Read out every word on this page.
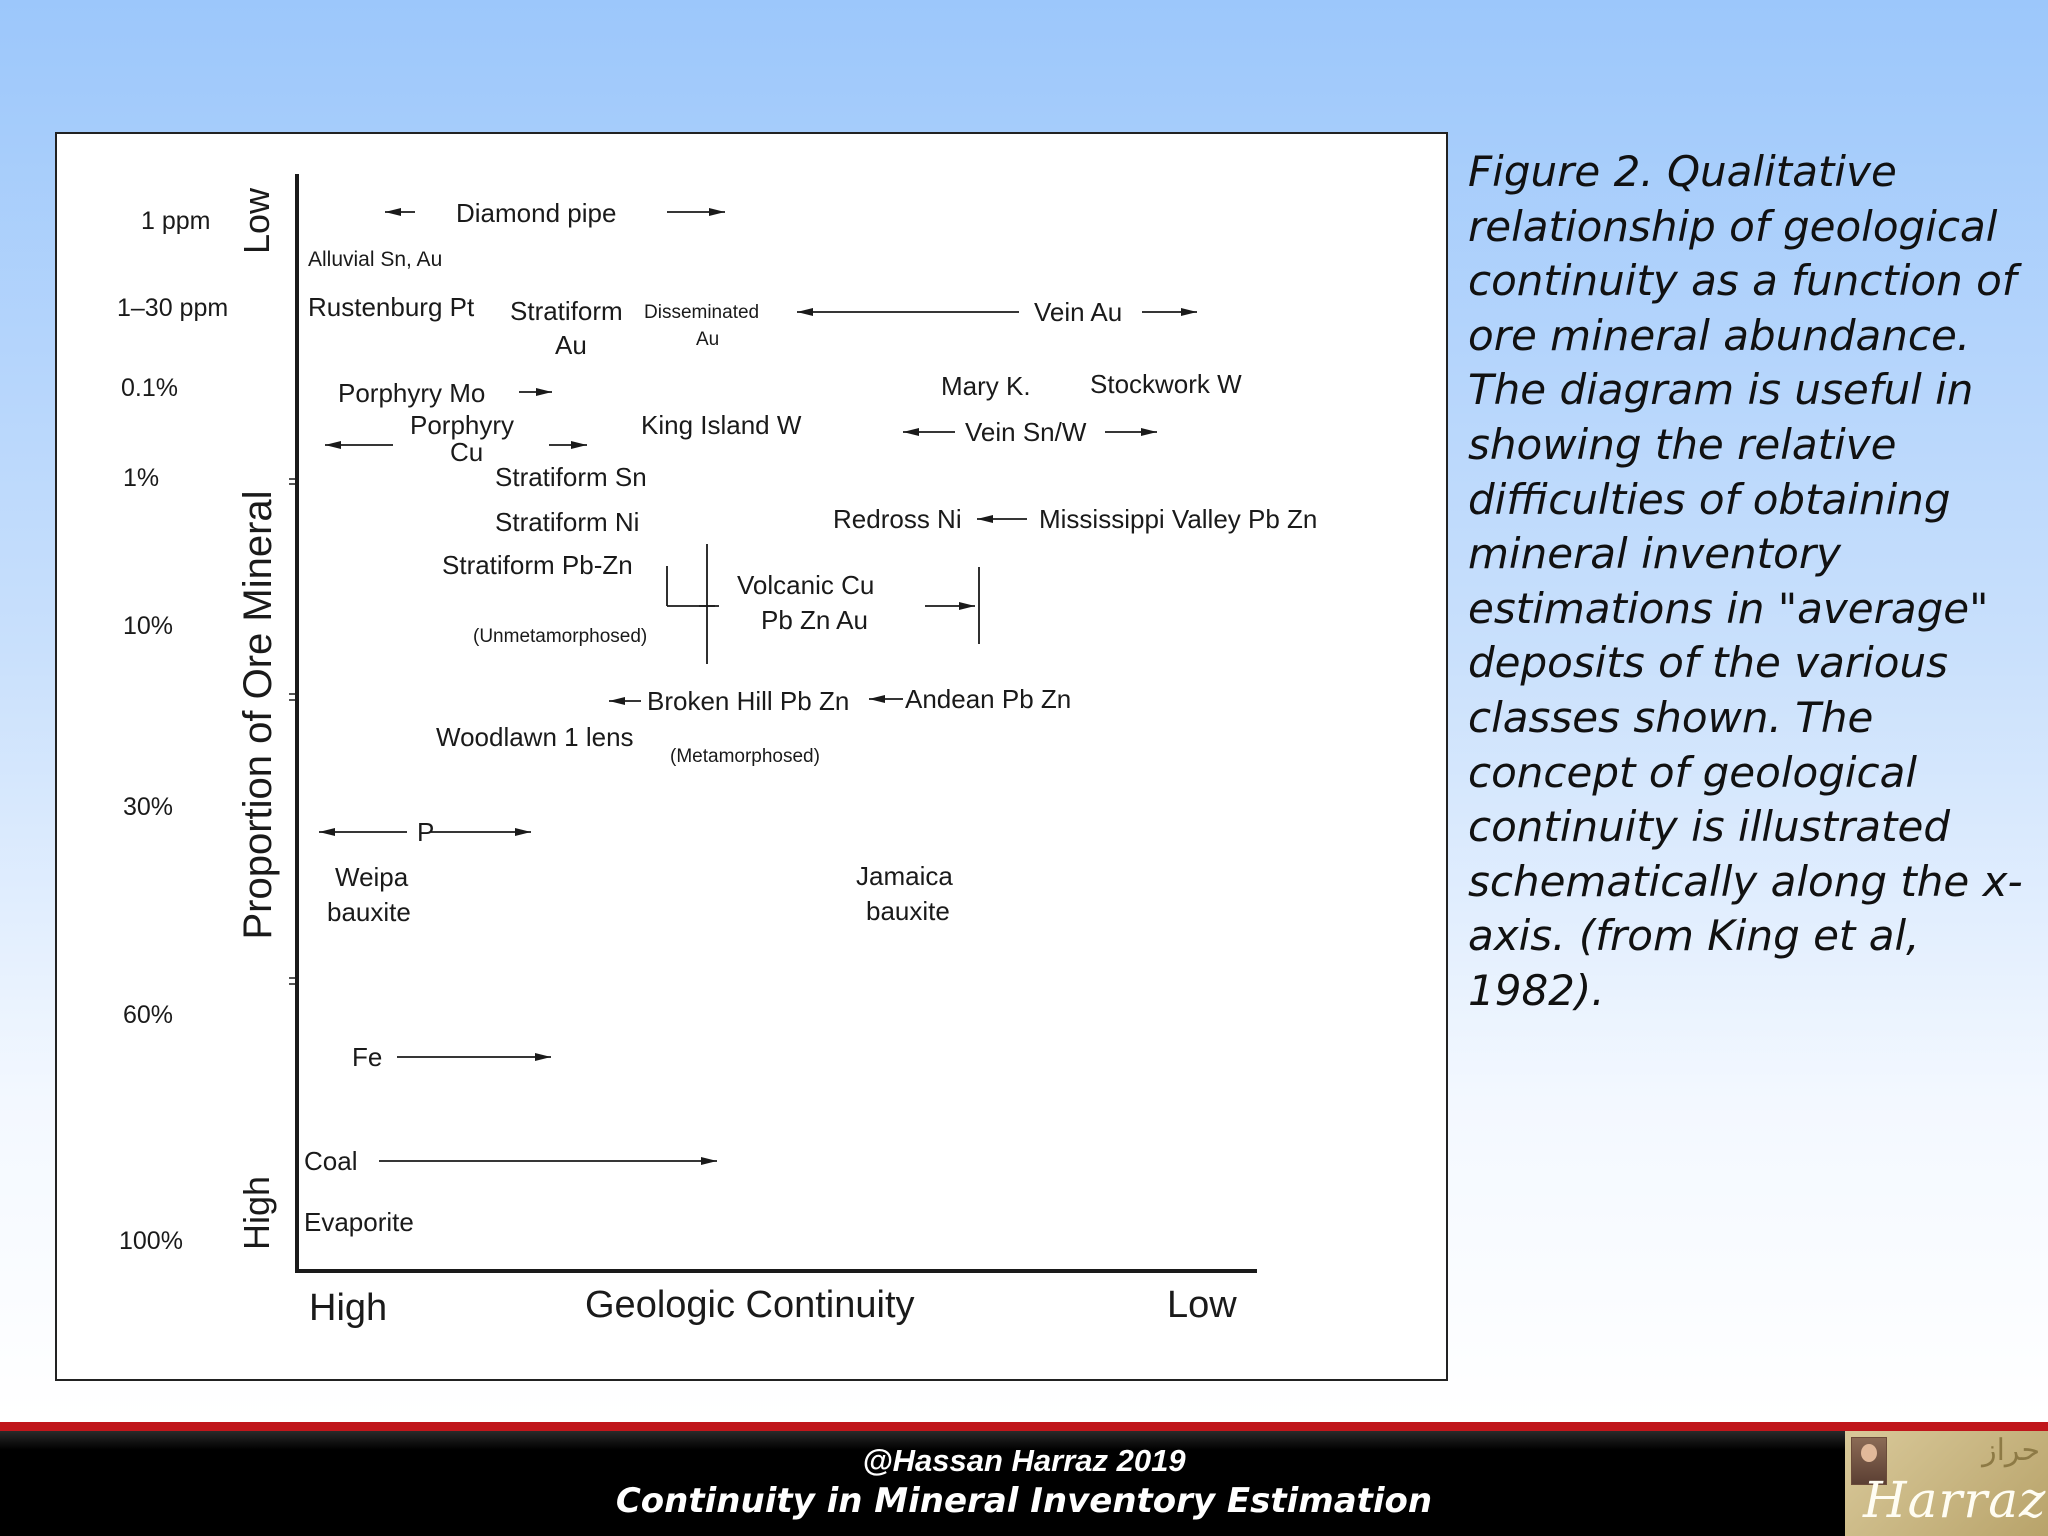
Low
Proportion of Ore Mineral
High
1 ppm
1–30 ppm
0.1%
1%
10%
30%
60%
100%
High	Geologic Continuity	Low
Diamond pipe
Alluvial Sn, Au
Rustenburg Pt Stratiform
Au
Disseminated
Au
Vein Au
Porphyry Mo	Mary K. Stockwork W
Porphyry
Cu
King Island W	Vein Sn/W
Stratiform Sn
Stratiform Ni	Redross Ni	Mississippi Valley Pb Zn
Stratiform Pb-Zn
(Unmetamorphosed)
Volcanic Cu
Pb Zn Au
Broken Hill Pb Zn Andean Pb Zn
Woodlawn 1 lens
(Metamorphosed)
P
Weipa
bauxite
Jamaica
bauxite
Fe
Coal
Evaporite
Figure 2. Qualitative relationship of geological continuity as a function of ore mineral abundance. The diagram is useful in showing the relative difficulties of obtaining mineral inventory estimations in "average" deposits of the various classes shown. The concept of geological continuity is illustrated schematically along the x-axis. (from King et al, 1982).
@Hassan Harraz 2019
Continuity in Mineral Inventory Estimation
حراز
Harraz
